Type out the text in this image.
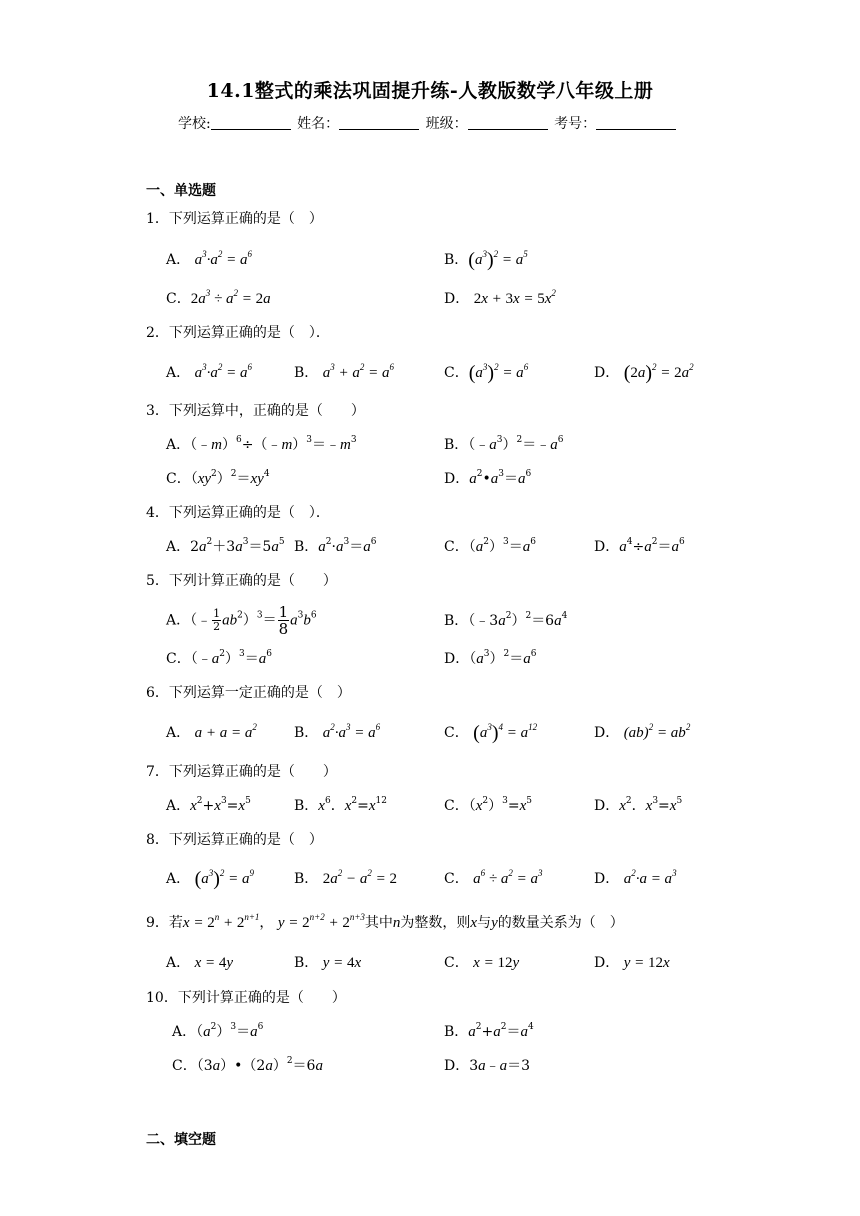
14.1整式的乘法巩固提升练-人教版数学八年级上册
学校:	姓名：	班级：	考号：
一、单选题
1．下列运算正确的是（　）
A． $a^3\cdot a^2 = a^6$	B．$(a^3)^2 = a^5$
C．$2a^3 \div a^2 = 2a$	D． $2x + 3x = 5x^2$
2．下列运算正确的是（　）．
A． $a^3\cdot a^2 = a^6$	B． $a^3 + a^2 = a^6$	C．$(a^3)^2 = a^6$	D． $(2a)^2 = 2a^2$
3．下列运算中，正确的是（　　）
A．$(﹣m)^6\div(﹣m)^3=﹣m^3$	B．$(﹣a^3)^2=﹣a^6$
C．$(xy^2)^2=xy^4$	D．$a^2•a^3=a^6$
4．下列运算正确的是（　）．
A．$2a^2+3a^3=5a^5$ B．$a^2\cdot a^3=a^6$	C．$(a^2)^3=a^6$	D．$a^4\div a^2=a^6$
5．下列计算正确的是（　　）
A．（﹣ $\frac{1}{2} ab^2)^3= \frac{1}{8} a^3b^6$	B．$(﹣3a^2)^2=6a^4$
C．$(﹣a^2)^3=a^6$	D．$(a^3)^2=a^6$
6．下列运算一定正确的是（　）
A． $a + a = a^2$	B． $a^2\cdot a^3 = a^6$	C． $(a^3)^4 = a^{12}$	D． $(ab)^2 = ab^2$
7．下列运算正确的是（　　）
A．$x^2+x^3=x^5$	B．$x^6$．$x^2=x^{12}$	C．$(x^2)^3=x^5$	D．$x^2$．$x^3=x^5$
8．下列运算正确的是（　）
A． $(a^3)^2 = a^9$	B． $2a^2 - a^2 = 2$	C． $a^6 \div a^2 = a^3$	D． $a^2\cdot a = a^3$
9．若$x = 2^n + 2^{n+1}$， $y = 2^{n+2} + 2^{n+3}$其中n为整数，则x与y的数量关系为（　）
A． x = 4y	B． y = 4x	C． x = 12y	D． y = 12x
10．下列计算正确的是（　　）
A．$(a^2)^3=a^6$	B．$a^2+a^2=a^4$
C．$(3a)•(2a)^2=6a$	D．3a﹣a＝3
二、填空题
